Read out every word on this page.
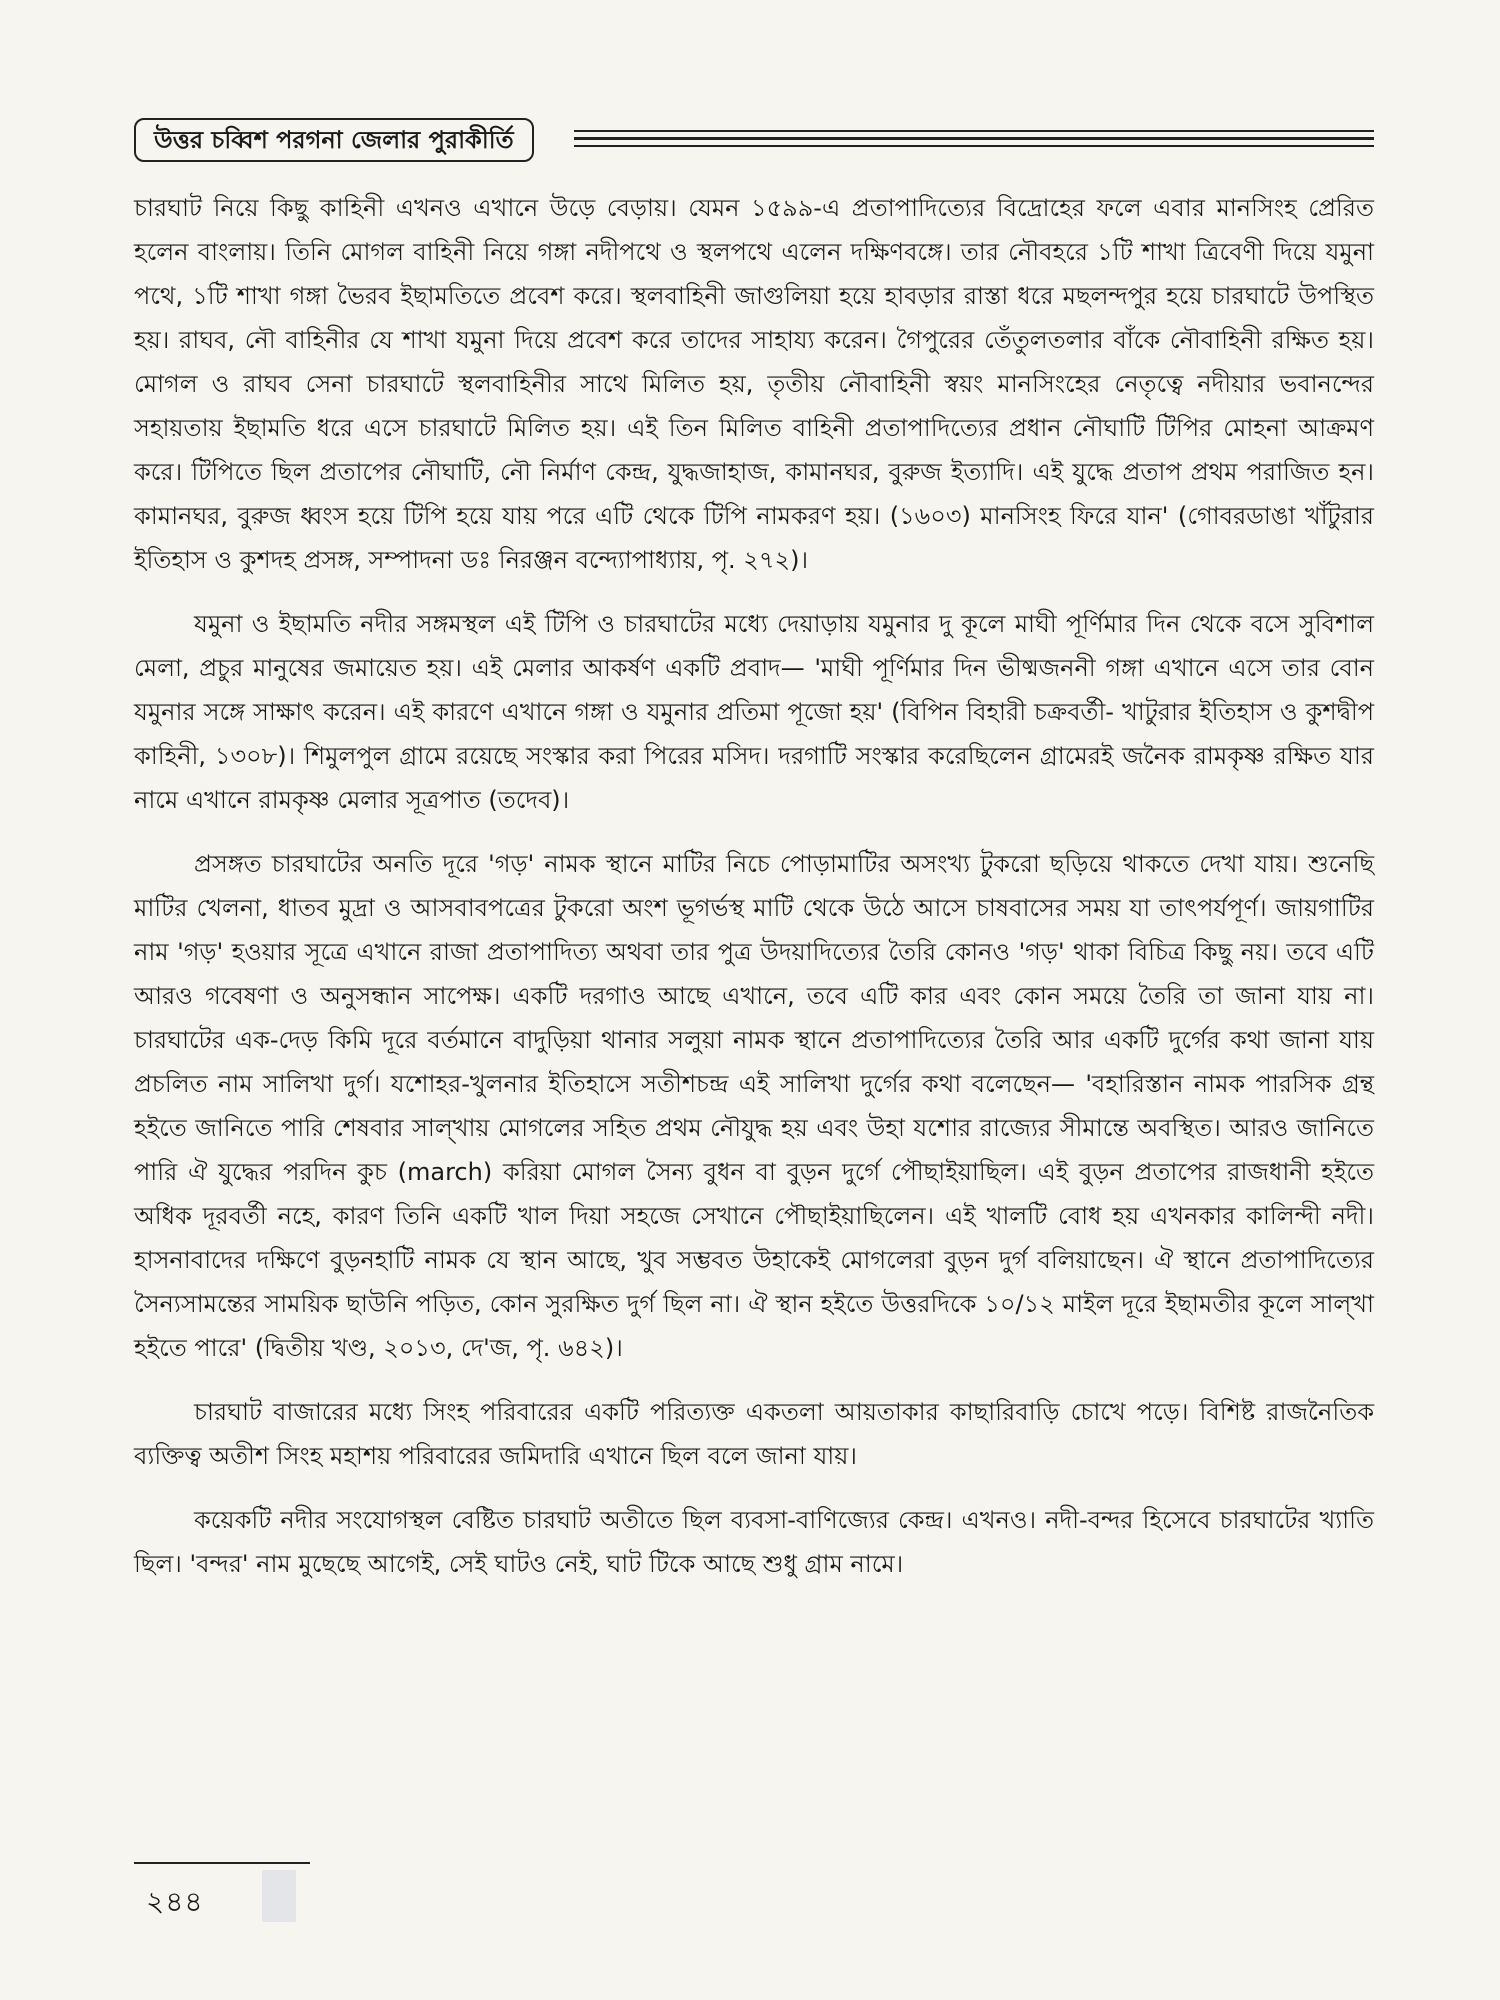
উত্তর চব্বিশ পরগনা জেলার পুরাকীর্তি

চারঘাট নিয়ে কিছু কাহিনী এখনও এখানে উড়ে বেড়ায়। যেমন ১৫৯৯-এ প্রতাপাদিত্যের বিদ্রোহের ফলে এবার মানসিংহ প্রেরিত হলেন বাংলায়। তিনি মোগল বাহিনী নিয়ে গঙ্গা নদীপথে ও স্থলপথে এলেন দক্ষিণবঙ্গে। তার নৌবহরে ১টি শাখা ত্রিবেণী দিয়ে যমুনা পথে, ১টি শাখা গঙ্গা ভৈরব ইছামতিতে প্রবেশ করে। স্থলবাহিনী জাগুলিয়া হয়ে হাবড়ার রাস্তা ধরে মছলন্দপুর হয়ে চারঘাটে উপস্থিত হয়। রাঘব, নৌ বাহিনীর যে শাখা যমুনা দিয়ে প্রবেশ করে তাদের সাহায্য করেন। গৈপুরের তেঁতুলতলার বাঁকে নৌবাহিনী রক্ষিত হয়। মোগল ও রাঘব সেনা চারঘাটে স্থলবাহিনীর সাথে মিলিত হয়, তৃতীয় নৌবাহিনী স্বয়ং মানসিংহের নেতৃত্বে নদীয়ার ভবানন্দের সহায়তায় ইছামতি ধরে এসে চারঘাটে মিলিত হয়। এই তিন মিলিত বাহিনী প্রতাপাদিত্যের প্রধান নৌঘাটি টিপির মোহনা আক্রমণ করে। টিপিতে ছিল প্রতাপের নৌঘাটি, নৌ নির্মাণ কেন্দ্র, যুদ্ধজাহাজ, কামানঘর, বুরুজ ইত্যাদি। এই যুদ্ধে প্রতাপ প্রথম পরাজিত হন। কামানঘর, বুরুজ ধ্বংস হয়ে টিপি হয়ে যায় পরে এটি থেকে টিপি নামকরণ হয়। (১৬০৩) মানসিংহ ফিরে যান' (গোবরডাঙা খাঁটুরার ইতিহাস ও কুশদহ প্রসঙ্গ, সম্পাদনা ডঃ নিরঞ্জন বন্দ্যোপাধ্যায়, পৃ. ২৭২)।

যমুনা ও ইছামতি নদীর সঙ্গমস্থল এই টিপি ও চারঘাটের মধ্যে দেয়াড়ায় যমুনার দু কূলে মাঘী পূর্ণিমার দিন থেকে বসে সুবিশাল মেলা, প্রচুর মানুষের জমায়েত হয়। এই মেলার আকর্ষণ একটি প্রবাদ— 'মাঘী পূর্ণিমার দিন ভীষ্মজননী গঙ্গা এখানে এসে তার বোন যমুনার সঙ্গে সাক্ষাৎ করেন। এই কারণে এখানে গঙ্গা ও যমুনার প্রতিমা পূজো হয়' (বিপিন বিহারী চক্রবর্তী- খাটুরার ইতিহাস ও কুশদ্বীপ কাহিনী, ১৩০৮)। শিমুলপুল গ্রামে রয়েছে সংস্কার করা পিরের মসিদ। দরগাটি সংস্কার করেছিলেন গ্রামেরই জনৈক রামকৃষ্ণ রক্ষিত যার নামে এখানে রামকৃষ্ণ মেলার সূত্রপাত (তদেব)।

প্রসঙ্গত চারঘাটের অনতি দূরে 'গড়' নামক স্থানে মাটির নিচে পোড়ামাটির অসংখ্য টুকরো ছড়িয়ে থাকতে দেখা যায়। শুনেছি মাটির খেলনা, ধাতব মুদ্রা ও আসবাবপত্রের টুকরো অংশ ভূগর্ভস্থ মাটি থেকে উঠে আসে চাষবাসের সময় যা তাৎপর্যপূর্ণ। জায়গাটির নাম 'গড়' হওয়ার সূত্রে এখানে রাজা প্রতাপাদিত্য অথবা তার পুত্র উদয়াদিত্যের তৈরি কোনও 'গড়' থাকা বিচিত্র কিছু নয়। তবে এটি আরও গবেষণা ও অনুসন্ধান সাপেক্ষ। একটি দরগাও আছে এখানে, তবে এটি কার এবং কোন সময়ে তৈরি তা জানা যায় না। চারঘাটের এক-দেড় কিমি দূরে বর্তমানে বাদুড়িয়া থানার সলুয়া নামক স্থানে প্রতাপাদিত্যের তৈরি আর একটি দুর্গের কথা জানা যায় প্রচলিত নাম সালিখা দুর্গ। যশোহর-খুলনার ইতিহাসে সতীশচন্দ্র এই সালিখা দুর্গের কথা বলেছেন— 'বহারিস্তান নামক পারসিক গ্রন্থ হইতে জানিতে পারি শেষবার সাল্খায় মোগলের সহিত প্রথম নৌযুদ্ধ হয় এবং উহা যশোর রাজ্যের সীমান্তে অবস্থিত। আরও জানিতে পারি ঐ যুদ্ধের পরদিন কুচ (march) করিয়া মোগল সৈন্য বুধন বা বুড়ন দুর্গে পৌছাইয়াছিল। এই বুড়ন প্রতাপের রাজধানী হইতে অধিক দূরবর্তী নহে, কারণ তিনি একটি খাল দিয়া সহজে সেখানে পৌছাইয়াছিলেন। এই খালটি বোধ হয় এখনকার কালিন্দী নদী। হাসনাবাদের দক্ষিণে বুড়নহাটি নামক যে স্থান আছে, খুব সম্ভবত উহাকেই মোগলেরা বুড়ন দুর্গ বলিয়াছেন। ঐ স্থানে প্রতাপাদিত্যের সৈন্যসামন্তের সাময়িক ছাউনি পড়িত, কোন সুরক্ষিত দুর্গ ছিল না। ঐ স্থান হইতে উত্তরদিকে ১০/১২ মাইল দূরে ইছামতীর কূলে সাল্খা হইতে পারে' (দ্বিতীয় খণ্ড, ২০১৩, দে'জ, পৃ. ৬৪২)।

চারঘাট বাজারের মধ্যে সিংহ পরিবারের একটি পরিত্যক্ত একতলা আয়তাকার কাছারিবাড়ি চোখে পড়ে। বিশিষ্ট রাজনৈতিক ব্যক্তিত্ব অতীশ সিংহ মহাশয় পরিবারের জমিদারি এখানে ছিল বলে জানা যায়।

কয়েকটি নদীর সংযোগস্থল বেষ্টিত চারঘাট অতীতে ছিল ব্যবসা-বাণিজ্যের কেন্দ্র। এখনও। নদী-বন্দর হিসেবে চারঘাটের খ্যাতি ছিল। 'বন্দর' নাম মুছেছে আগেই, সেই ঘাটও নেই, ঘাট টিকে আছে শুধু গ্রাম নামে।

২৪৪
